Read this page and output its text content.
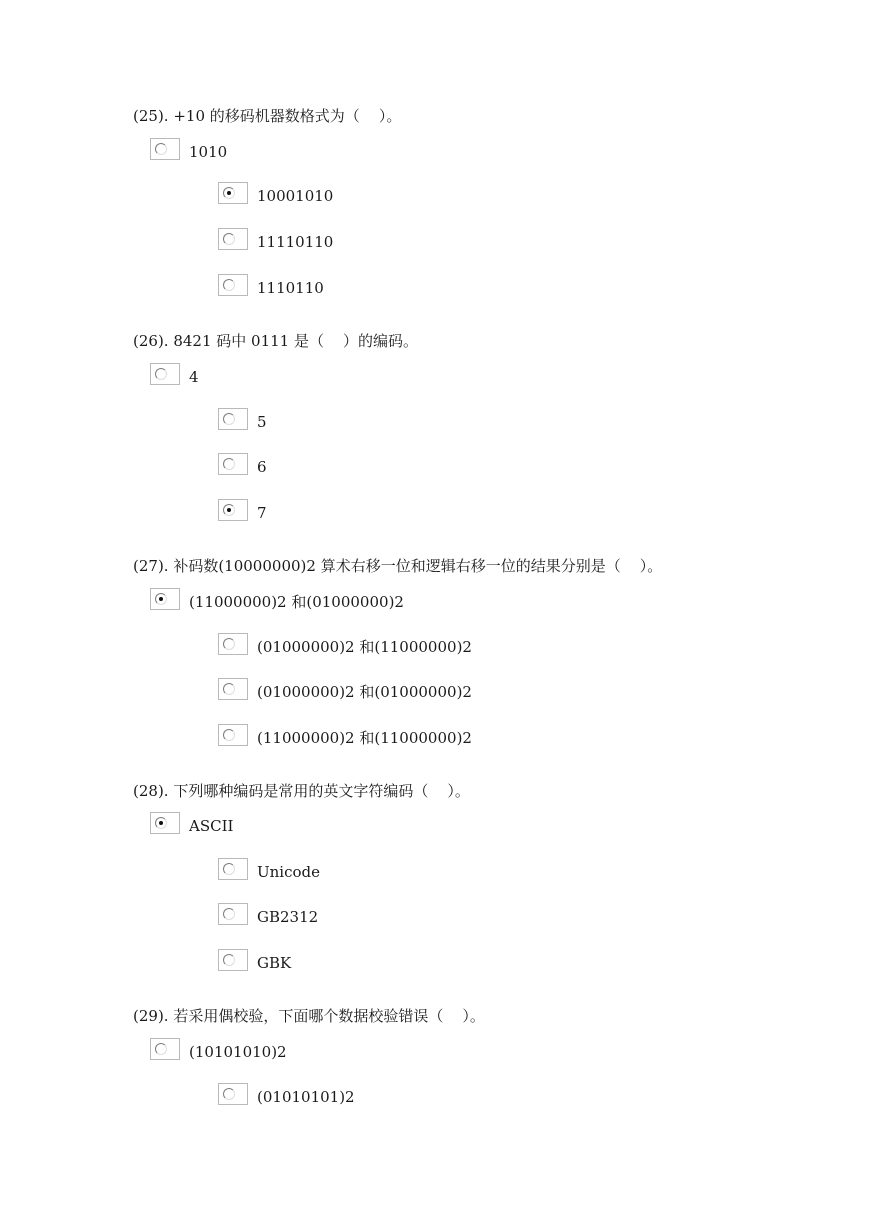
(25). +10 的移码机器数格式为（    ）。
1010
10001010
11110110
1110110
(26). 8421 码中 0111 是（    ）的编码。
4
5
6
7
(27). 补码数(10000000)2 算术右移一位和逻辑右移一位的结果分别是（    ）。
(11000000)2 和(01000000)2
(01000000)2 和(11000000)2
(01000000)2 和(01000000)2
(11000000)2 和(11000000)2
(28). 下列哪种编码是常用的英文字符编码（    ）。
ASCII
Unicode
GB2312
GBK
(29). 若采用偶校验，下面哪个数据校验错误（    ）。
(10101010)2
(01010101)2
